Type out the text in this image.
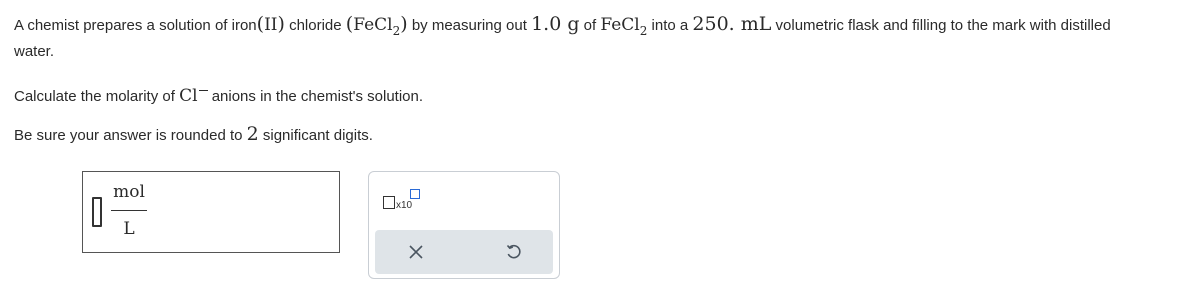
A chemist prepares a solution of iron(II) chloride (FeCl$_2$) by measuring out 1.0 g of FeCl$_2$ into a 250. mL volumetric flask and filling to the mark with distilled
water.
Calculate the molarity of Cl anions in the chemist's solution.
Be sure your answer is rounded to 2 significant digits.
mol
L
x10
